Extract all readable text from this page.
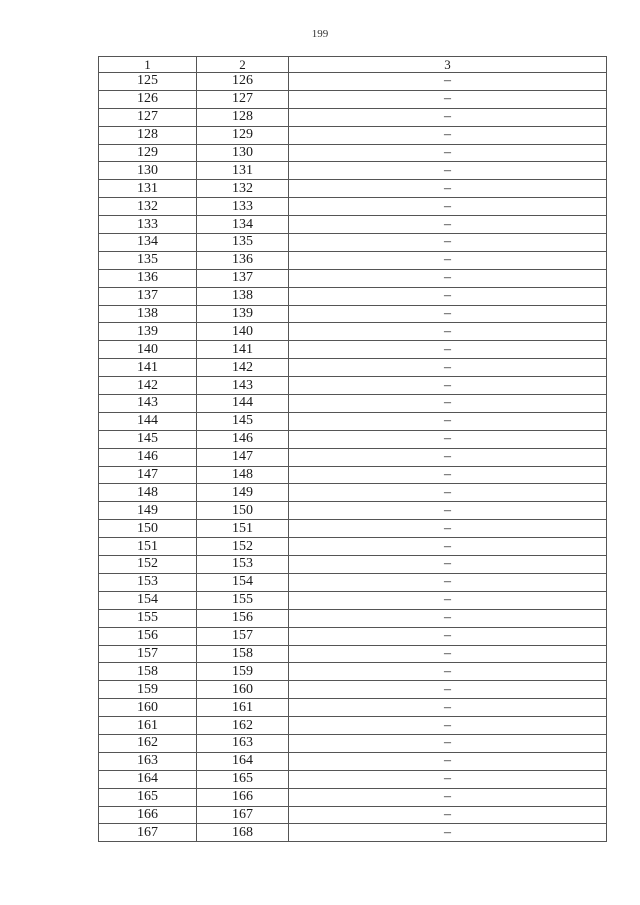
199
1	2	3
125	126	–
126	127	–
127	128	–
128	129	–
129	130	–
130	131	–
131	132	–
132	133	–
133	134	–
134	135	–
135	136	–
136	137	–
137	138	–
138	139	–
139	140	–
140	141	–
141	142	–
142	143	–
143	144	–
144	145	–
145	146	–
146	147	–
147	148	–
148	149	–
149	150	–
150	151	–
151	152	–
152	153	–
153	154	–
154	155	–
155	156	–
156	157	–
157	158	–
158	159	–
159	160	–
160	161	–
161	162	–
162	163	–
163	164	–
164	165	–
165	166	–
166	167	–
167	168	–
